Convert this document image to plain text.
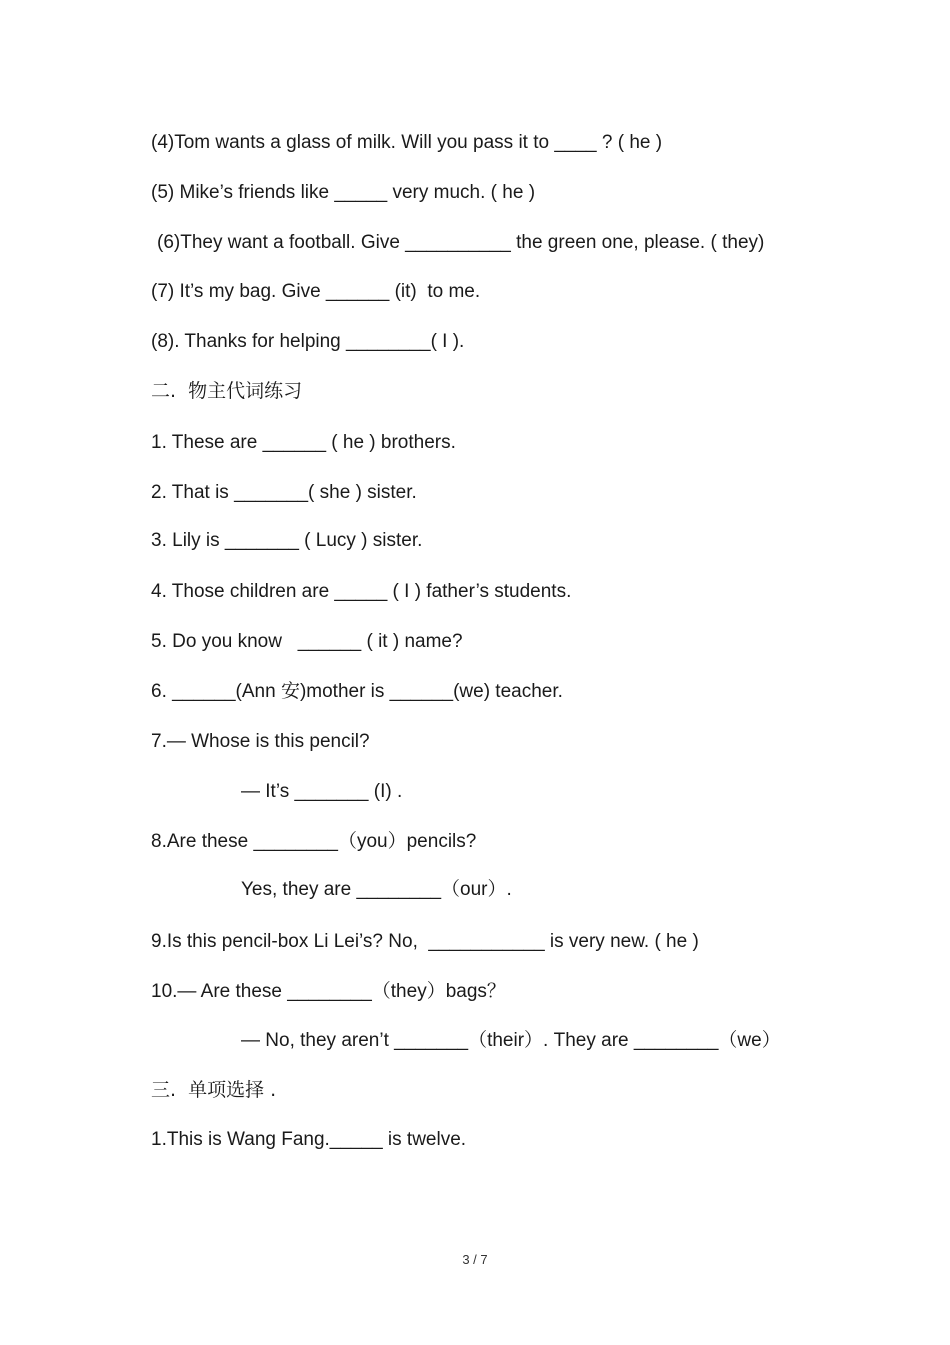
(4)Tom wants a glass of milk. Will you pass it to ____ ? ( he )
(5) Mike’s friends like _____ very much. ( he )
(6)They want a football. Give __________ the green one, please. ( they)
(7) It’s my bag. Give ______ (it)  to me.
(8). Thanks for helping ________( I ).
二.  物主代词练习
1. These are ______ ( he ) brothers.
2. That is _______( she ) sister.
3. Lily is _______ ( Lucy ) sister.
4. Those children are _____ ( I ) father’s students.
5. Do you know   ______ ( it ) name?
6. ______(Ann 安)mother is ______(we) teacher.
7.— Whose is this pencil?
— It’s _______ (I) .
8.Are these ________（you）pencils?
Yes, they are ________（our）.
9.Is this pencil-box Li Lei’s? No,  ___________ is very new. ( he )
10.— Are these ________（they）bags？
— No, they aren’t _______（their）. They are ________（we）
三.  单项选择 .
1.This is Wang Fang._____ is twelve.
3 / 7
